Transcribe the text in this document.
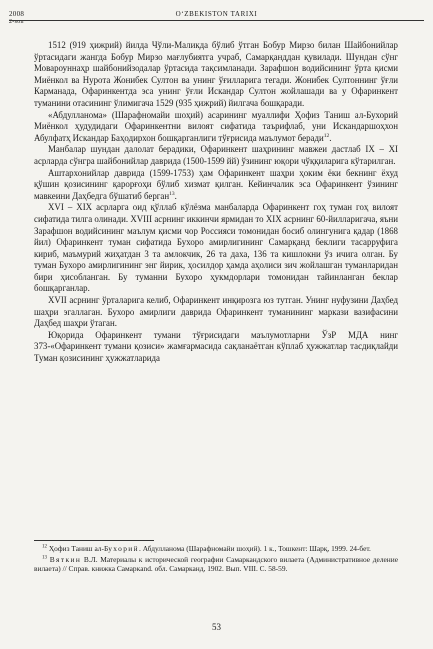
2008
2-son
O‘ZBEKISTON TARIXI

1512 (919 ҳижрий) йилда Чўли-Маликда бўлиб ўтган Бобур Мирзо билан Шайбонийлар ўртасидаги жангда Бобур Мирзо мағлубиятга учраб, Самарқанддан қувилади. Шундан сўнг Мовароуннаҳр шайбонийзодалар ўртасида тақсимланади. Зарафшон водийсининг ўрта қисми Миёнкол ва Нурота Жонибек Султон ва унинг ўғилларига тегади. Жонибек Султоннинг ўғли Карманада, Офаринкентда эса унинг ўғли Искандар Султон жойлашади ва у Офаринкент туманини отасининг ўлимигача 1529 (935 ҳижрий) йилгача бошқаради.

«Абдулланома» (Шарафномайи шоҳий) асарининг муаллифи Ҳофиз Таниш ал-Бухорий Миёнкол ҳудудидаги Офаринкентни вилоят сифатида таърифлаб, уни Искандаршоҳхон Абулфатҳ Искандар Баҳодирхон бошқарганлиги тўғрисида маълумот беради$^{12}$.

Манбалар шундан далолат берадики, Офаринкент шаҳрининг мавжеи дастлаб IX – XI асрларда сўнгра шайбонийлар даврида (1500-1599 йй) ўзининг юқори чўққиларига кўтарилган.

Аштархонийлар даврида (1599-1753) ҳам Офаринкент шаҳри ҳоким ёки бекнинг ёхуд қўшин қозисининг қарорғоҳи бўлиб хизмат қилган. Кейинчалик эса Офаринкент ўзининг мавкеини Даҳбедга бўшатиб берган$^{13}$.

XVI – XIX асрларга оид қўллаб кўлёзма манбаларда Офаринкент гоҳ туман гоҳ вилоят сифатида тилга олинади. XVIII асрнинг иккинчи ярмидан то XIX асрнинг 60-йилларигача, яъни Зарафшон водийсининг маълум қисми чор Россияси томонидан босиб олингунига қадар (1868 йил) Офаринкент туман сифатида Бухоро амирлигининг Самарқанд беклиги тасарруфига кириб, маъмурий жиҳатдан 3 та амлокчик, 26 та даха, 136 та кишлокни ўз ичига олган. Бу туман Бухоро амирлигининг энг йирик, ҳосилдор ҳамда аҳолиси зич жойлашган туманларидан бири ҳисобланган. Бу туманни Бухоро ҳукмдорлари томонидан тайинланган беклар бошқарганлар.

XVII асрнинг ўрталарига келиб, Офаринкент инқирозга юз тутган. Унинг нуфузини Даҳбед шаҳри эгаллаган. Бухоро амирлиги даврида Офаринкент туманининг маркази вазифасини Даҳбед шаҳри ўтаган.

Юқорида Офаринкент тумани тўғрисидаги маълумотларни ЎзР МДА нинг 373-«Офаринкент тумани қозиси» жамғармасида сақланаётган кўплаб ҳужжатлар тасдиқлайди Туман қозисининг ҳужжатларида

$^{12}$ Ҳофиз Таниш ал-Бухорий. Абдулланома (Шарафномайи шоҳий). 1 к., Тошкент: Шарқ, 1999. 24-бет.

$^{13}$ Вяткин В.Л. Материалы к исторической географии Самаркандского вилаета (Административное деление вилаета) // Справ. книжка Самаркand. обл. Самарканд, 1902. Вып. VIII. С. 58-59.

53
